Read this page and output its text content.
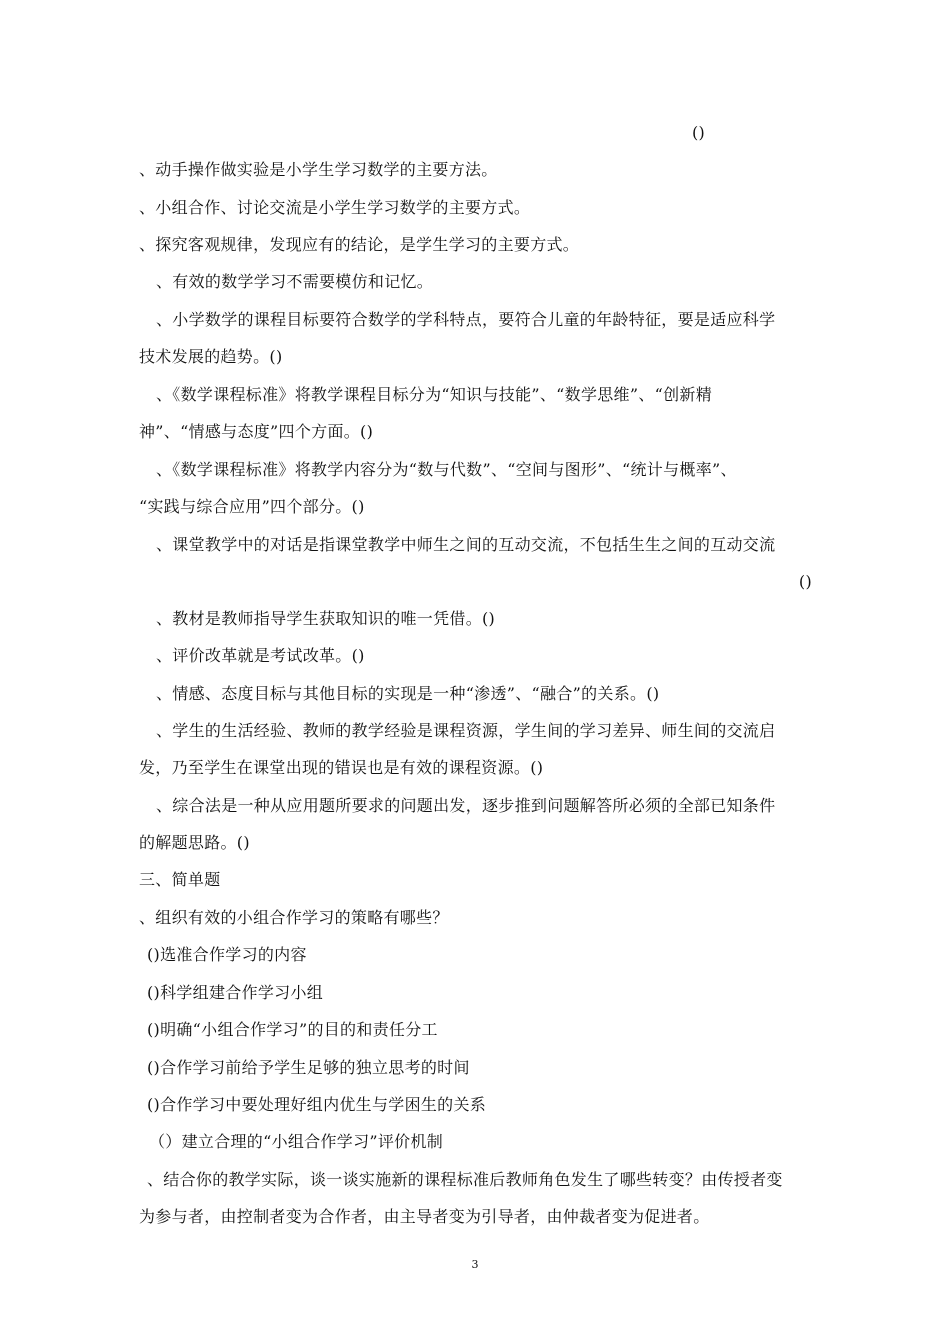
()
、动手操作做实验是小学生学习数学的主要方法。
、小组合作、讨论交流是小学生学习数学的主要方式。
、探究客观规律，发现应有的结论，是学生学习的主要方式。
、有效的数学学习不需要模仿和记忆。
、小学数学的课程目标要符合数学的学科特点，要符合儿童的年龄特征，要是适应科学
技术发展的趋势。()
、《数学课程标准》将教学课程目标分为“知识与技能”、“数学思维”、“创新精
神”、“情感与态度”四个方面。()
、《数学课程标准》将教学内容分为“数与代数”、“空间与图形”、“统计与概率”、
“实践与综合应用”四个部分。()
、课堂教学中的对话是指课堂教学中师生之间的互动交流，不包括生生之间的互动交流
()
、教材是教师指导学生获取知识的唯一凭借。()
、评价改革就是考试改革。()
、情感、态度目标与其他目标的实现是一种“渗透”、“融合”的关系。()
、学生的生活经验、教师的教学经验是课程资源，学生间的学习差异、师生间的交流启
发，乃至学生在课堂出现的错误也是有效的课程资源。()
、综合法是一种从应用题所要求的问题出发，逐步推到问题解答所必须的全部已知条件
的解题思路。()
三、简单题
、组织有效的小组合作学习的策略有哪些？
()选准合作学习的内容
()科学组建合作学习小组
()明确“小组合作学习”的目的和责任分工
()合作学习前给予学生足够的独立思考的时间
()合作学习中要处理好组内优生与学困生的关系
（）建立合理的“小组合作学习”评价机制
、结合你的教学实际，谈一谈实施新的课程标准后教师角色发生了哪些转变？由传授者变
为参与者，由控制者变为合作者，由主导者变为引导者，由仲裁者变为促进者。
3
